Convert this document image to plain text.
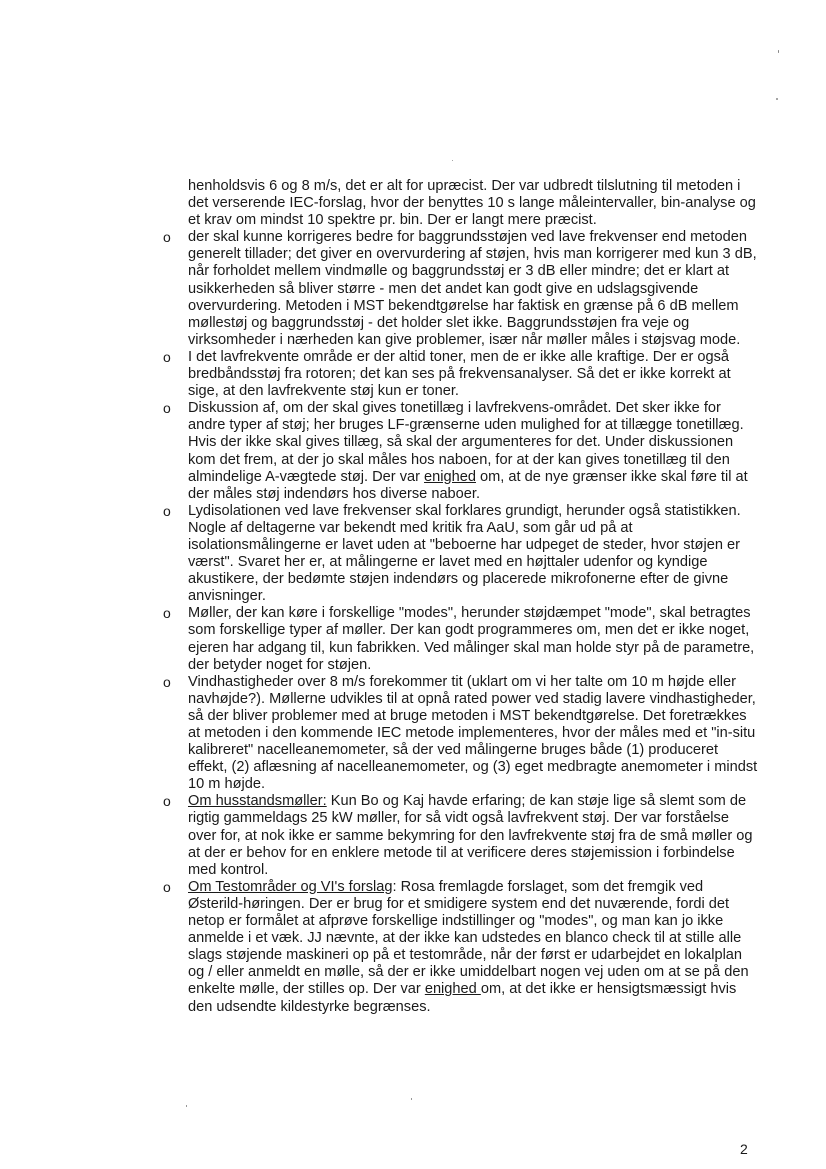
henholdsvis 6 og 8 m/s, det er alt for upræcist. Der var udbredt tilslutning til metoden i det verserende IEC-forslag, hvor der benyttes 10 s lange måleintervaller, bin-analyse og et krav om mindst 10 spektre pr. bin. Der er langt mere præcist.

o der skal kunne korrigeres bedre for baggrundsstøjen ved lave frekvenser end metoden generelt tillader; det giver en overvurdering af støjen, hvis man korrigerer med kun 3 dB, når forholdet mellem vindmølle og baggrundsstøj er 3 dB eller mindre; det er klart at usikkerheden så bliver større - men det andet kan godt give en udslagsgivende overvurdering. Metoden i MST bekendtgørelse har faktisk en grænse på 6 dB mellem møllestøj og baggrundsstøj - det holder slet ikke. Baggrundsstøjen fra veje og virksomheder i nærheden kan give problemer, især når møller måles i støjsvag mode.
o I det lavfrekvente område er der altid toner, men de er ikke alle kraftige. Der er også bredbåndsstøj fra rotoren; det kan ses på frekvensanalyser. Så det er ikke korrekt at sige, at den lavfrekvente støj kun er toner.
o Diskussion af, om der skal gives tonetillæg i lavfrekvens-området. Det sker ikke for andre typer af støj; her bruges LF-grænserne uden mulighed for at tillægge tonetillæg. Hvis der ikke skal gives tillæg, så skal der argumenteres for det. Under diskussionen kom det frem, at der jo skal måles hos naboen, for at der kan gives tonetillæg til den almindelige A-vægtede støj. Der var enighed om, at de nye grænser ikke skal føre til at der måles støj indendørs hos diverse naboer.
o Lydisolationen ved lave frekvenser skal forklares grundigt, herunder også statistikken. Nogle af deltagerne var bekendt med kritik fra AaU, som går ud på at isolationsmålingerne er lavet uden at "beboerne har udpeget de steder, hvor støjen er værst". Svaret her er, at målingerne er lavet med en højttaler udenfor og kyndige akustikere, der bedømte støjen indendørs og placerede mikrofonerne efter de givne anvisninger.
o Møller, der kan køre i forskellige "modes", herunder støjdæmpet "mode", skal betragtes som forskellige typer af møller. Der kan godt programmeres om, men det er ikke noget, ejeren har adgang til, kun fabrikken. Ved målinger skal man holde styr på de parametre, der betyder noget for støjen.
o Vindhastigheder over 8 m/s forekommer tit (uklart om vi her talte om 10 m højde eller navhøjde?). Møllerne udvikles til at opnå rated power ved stadig lavere vindhastigheder, så der bliver problemer med at bruge metoden i MST bekendtgørelse. Det foretrækkes at metoden i den kommende IEC metode implementeres, hvor der måles med et "in-situ kalibreret" nacelleanemometer, så der ved målingerne bruges både (1) produceret effekt, (2) aflæsning af nacelleanemometer, og (3) eget medbragte anemometer i mindst 10 m højde.
o Om husstandsmøller: Kun Bo og Kaj havde erfaring; de kan støje lige så slemt som de rigtig gammeldags 25 kW møller, for så vidt også lavfrekvent støj. Der var forståelse over for, at nok ikke er samme bekymring for den lavfrekvente støj fra de små møller og at der er behov for en enklere metode til at verificere deres støjemission i forbindelse med kontrol.
o Om Testområder og VI's forslag: Rosa fremlagde forslaget, som det fremgik ved Østerild-høringen. Der er brug for et smidigere system end det nuværende, fordi det netop er formålet at afprøve forskellige indstillinger og "modes", og man kan jo ikke anmelde i et væk. JJ nævnte, at der ikke kan udstedes en blanco check til at stille alle slags støjende maskineri op på et testområde, når der først er udarbejdet en lokalplan og / eller anmeldt en mølle, så der er ikke umiddelbart nogen vej uden om at se på den enkelte mølle, der stilles op. Der var enighed om, at det ikke er hensigtsmæssigt hvis den udsendte kildestyrke begrænses.
2
